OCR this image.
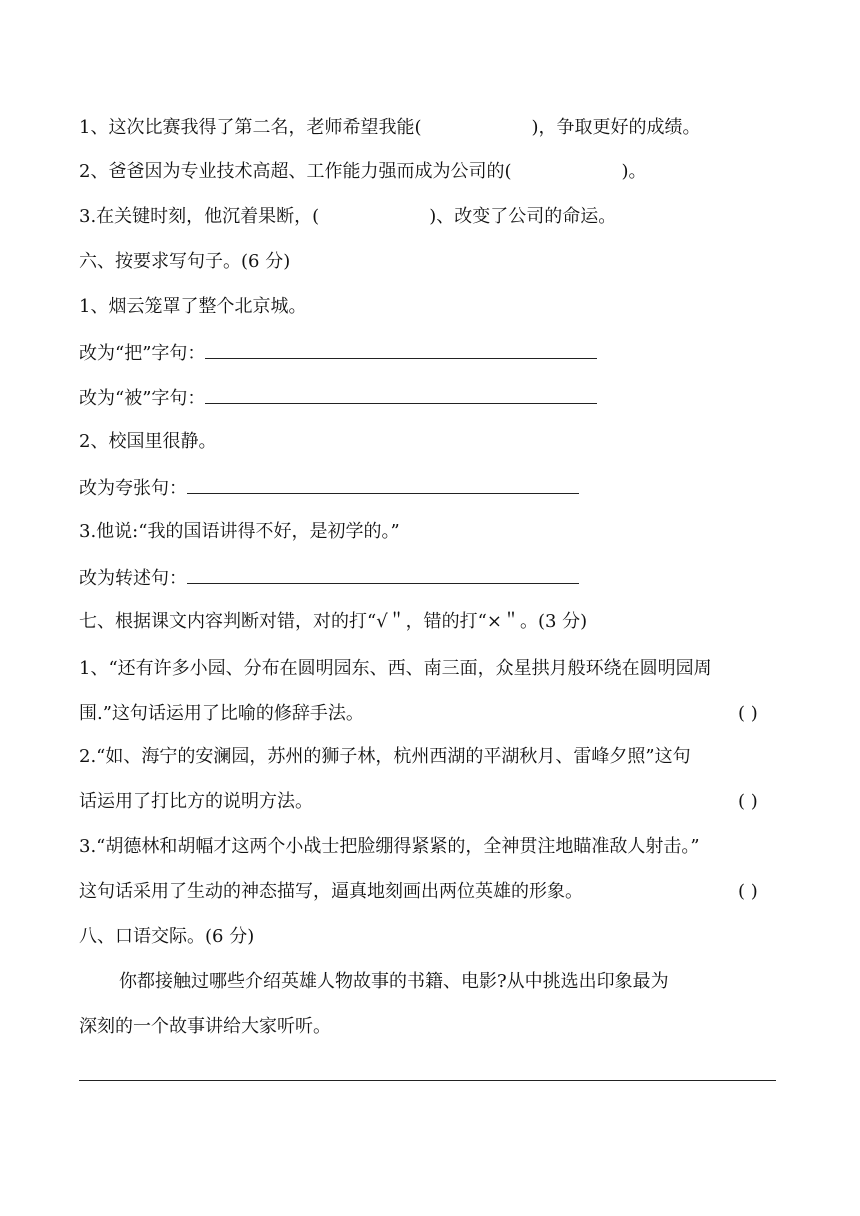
1、这次比赛我得了第二名，老师希望我能(	)，争取更好的成绩。
2、爸爸因为专业技术高超、工作能力强而成为公司的(	)。
3.在关键时刻，他沉着果断，(	)、改变了公司的命运。
六、按要求写句子。(6 分)
1、烟云笼罩了整个北京城。
改为“把”字句：
改为“被”字句：
2、校国里很静。
改为夸张句：
3.他说:“我的国语讲得不好，是初学的。”
改为转述句：
七、根据课文内容判断对错，对的打“√＂，错的打“×＂。(3 分)
1、“还有许多小园、分布在圆明园东、西、南三面，众星拱月般环绕在圆明园周
围.”这句话运用了比喻的修辞手法。	( )
2.“如、海宁的安澜园，苏州的狮子林，杭州西湖的平湖秋月、雷峰夕照”这句
话运用了打比方的说明方法。	( )
3.“胡德林和胡幅才这两个小战士把脸绷得紧紧的，全神贯注地瞄准敌人射击。”
这句话采用了生动的神态描写，逼真地刻画出两位英雄的形象。	( )
八、口语交际。(6 分)
你都接触过哪些介绍英雄人物故事的书籍、电影?从中挑选出印象最为
深刻的一个故事讲给大家听听。
